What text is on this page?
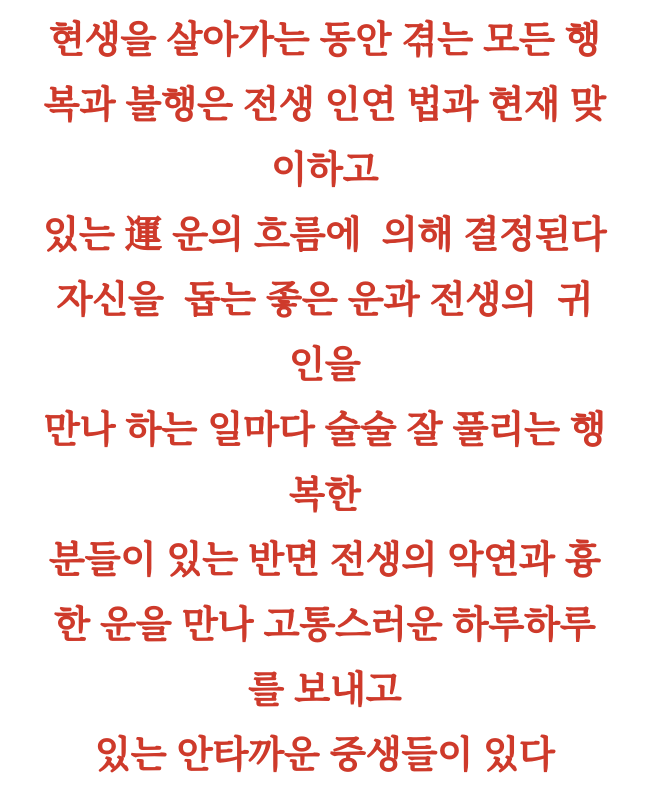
현생을 살아가는 동안 겪는 모든 행
복과 불행은 전생 인연 법과 현재 맞
이하고
있는 運 운의 흐름에  의해 결정된다
자신을  돕는 좋은 운과 전생의  귀
인을
만나 하는 일마다 술술 잘 풀리는 행
복한
분들이 있는 반면 전생의 악연과 흉
한 운을 만나 고통스러운 하루하루
를 보내고
있는 안타까운 중생들이 있다
